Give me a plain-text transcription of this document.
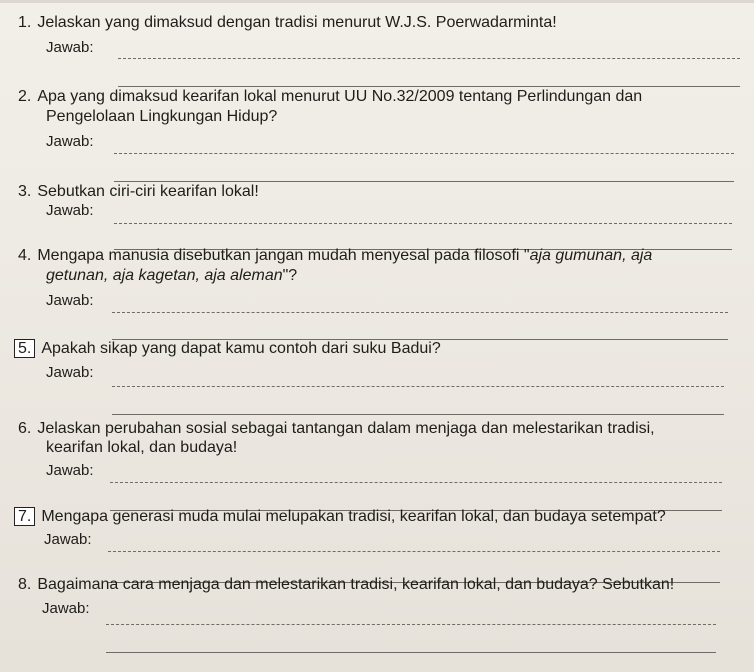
1. Jelaskan yang dimaksud dengan tradisi menurut W.J.S. Poerwadarminta!
Jawab:
2. Apa yang dimaksud kearifan lokal menurut UU No.32/2009 tentang Perlindungan dan
Pengelolaan Lingkungan Hidup?
Jawab:
3. Sebutkan ciri-ciri kearifan lokal!
Jawab:
4. Mengapa manusia disebutkan jangan mudah menyesal pada filosofi "aja gumunan, aja
getunan, aja kagetan, aja aleman"?
Jawab:
5. Apakah sikap yang dapat kamu contoh dari suku Badui?
Jawab:
6. Jelaskan perubahan sosial sebagai tantangan dalam menjaga dan melestarikan tradisi,
kearifan lokal, dan budaya!
Jawab:
7. Mengapa generasi muda mulai melupakan tradisi, kearifan lokal, dan budaya setempat?
Jawab:
8. Bagaimana cara menjaga dan melestarikan tradisi, kearifan lokal, dan budaya? Sebutkan!
Jawab:
